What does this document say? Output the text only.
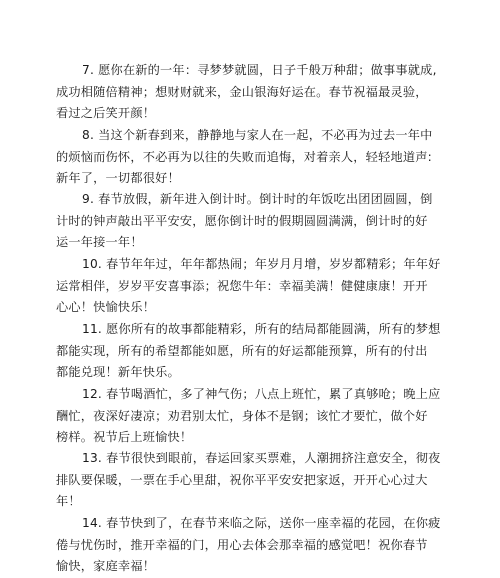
7. 愿你在新的一年：寻梦梦就圆，日子千般万种甜；做事事就成,
成功相随倍精神；想财财就来，金山银海好运在。春节祝福最灵验，
看过之后笑开颜！

8. 当这个新春到来，静静地与家人在一起，不必再为过去一年中
的烦恼而伤怀，不必再为以往的失败而追悔，对着亲人，轻轻地道声:
新年了，一切都很好！

9. 春节放假，新年进入倒计时。倒计时的年饭吃出团团圆圆，倒
计时的钟声敲出平平安安，愿你倒计时的假期圆圆满满，倒计时的好
运一年接一年！

10. 春节年年过，年年都热闹；年岁月月增，岁岁都精彩；年年好
运常相伴，岁岁平安喜事添；祝您牛年：幸福美满！健健康康！开开
心心！快愉快乐！

11. 愿你所有的故事都能精彩，所有的结局都能圆满，所有的梦想
都能实现，所有的希望都能如愿，所有的好运都能预算，所有的付出
都能兑现！新年快乐。

12. 春节喝酒忙，多了神气伤；八点上班忙，累了真够呛；晚上应
酬忙，夜深好凄凉；劝君别太忙，身体不是钢；该忙才要忙，做个好
榜样。祝节后上班愉快！

13. 春节很快到眼前，春运回家买票难，人潮拥挤注意安全，彻夜
排队要保暖，一票在手心里甜，祝你平平安安把家返，开开心心过大
年！

14. 春节快到了，在春节来临之际，送你一座幸福的花园，在你疲
倦与忧伤时，推开幸福的门，用心去体会那幸福的感觉吧！祝你春节
愉快，家庭幸福！
